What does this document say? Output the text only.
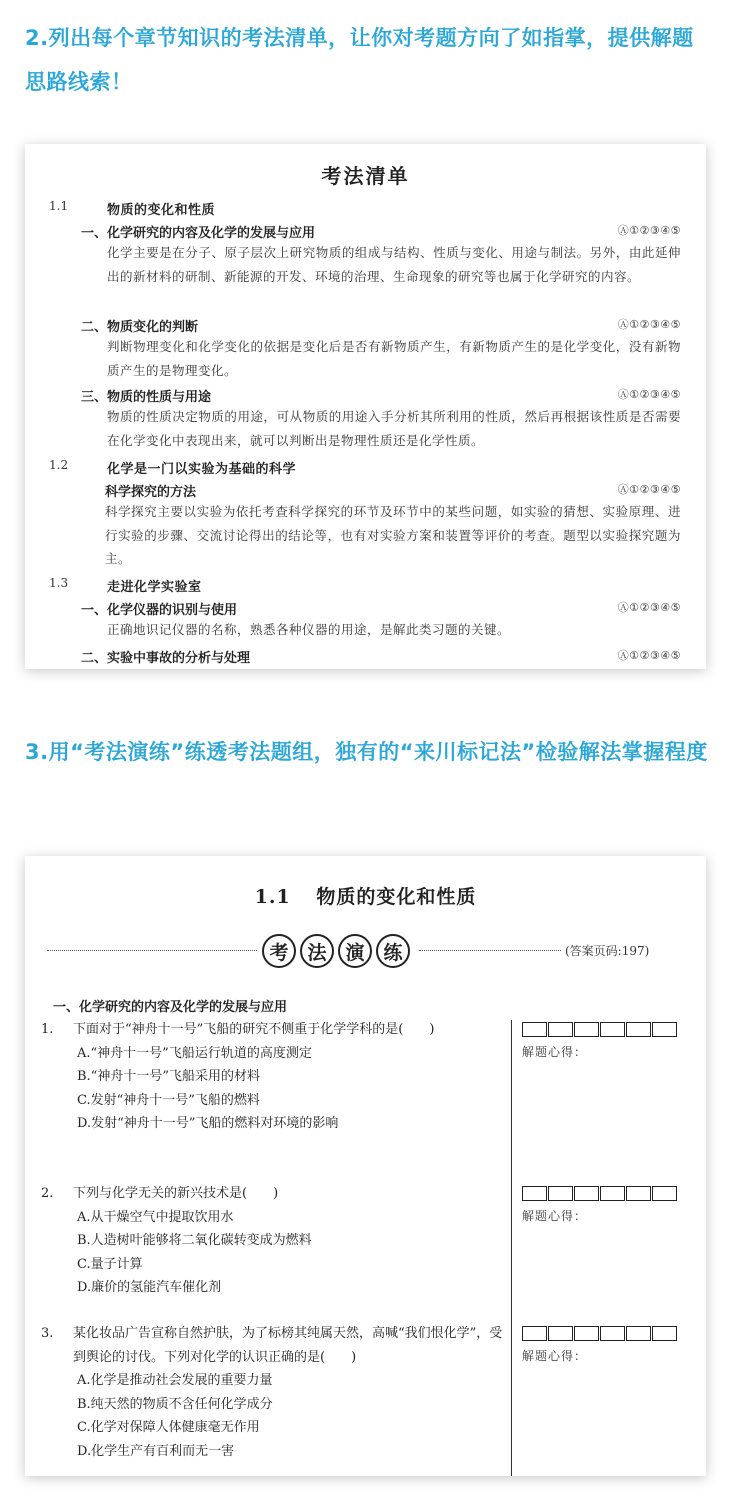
2.列出每个章节知识的考法清单，让你对考题方向了如指掌，提供解题思路线索！
考法清单
1.1	物质的变化和性质
一、化学研究的内容及化学的发展与应用	Ⓐ①②③④⑤
化学主要是在分子、原子层次上研究物质的组成与结构、性质与变化、用途与制法。另外，由此延伸出的新材料的研制、新能源的开发、环境的治理、生命现象的研究等也属于化学研究的内容。
二、物质变化的判断	Ⓐ①②③④⑤
判断物理变化和化学变化的依据是变化后是否有新物质产生，有新物质产生的是化学变化，没有新物质产生的是物理变化。
三、物质的性质与用途	Ⓐ①②③④⑤
物质的性质决定物质的用途，可从物质的用途入手分析其所利用的性质，然后再根据该性质是否需要在化学变化中表现出来，就可以判断出是物理性质还是化学性质。
1.2	化学是一门以实验为基础的科学
科学探究的方法	Ⓐ①②③④⑤
科学探究主要以实验为依托考查科学探究的环节及环节中的某些问题，如实验的猜想、实验原理、进行实验的步骤、交流讨论得出的结论等，也有对实验方案和装置等评价的考查。题型以实验探究题为主。
1.3	走进化学实验室
一、化学仪器的识别与使用	Ⓐ①②③④⑤
正确地识记仪器的名称，熟悉各种仪器的用途，是解此类习题的关键。
二、实验中事故的分析与处理	Ⓐ①②③④⑤
3.用“考法演练”练透考法题组，独有的“来川标记法”检验解法掌握程度
1.1 物质的变化和性质
考 法 演 练	(答案页码:197)
一、化学研究的内容及化学的发展与应用
1. 下面对于“神舟十一号”飞船的研究不侧重于化学学科的是(　　)
A.“神舟十一号”飞船运行轨道的高度测定
B.“神舟十一号”飞船采用的材料
C.发射“神舟十一号”飞船的燃料
D.发射“神舟十一号”飞船的燃料对环境的影响
解题心得：
2. 下列与化学无关的新兴技术是(　　)
A.从干燥空气中提取饮用水
B.人造树叶能够将二氧化碳转变成为燃料
C.量子计算
D.廉价的氢能汽车催化剂
解题心得：
3. 某化妆品广告宣称自然护肤，为了标榜其纯属天然，高喊“我们恨化学”，受到舆论的讨伐。下列对化学的认识正确的是(　　)
A.化学是推动社会发展的重要力量
B.纯天然的物质不含任何化学成分
C.化学对保障人体健康毫无作用
D.化学生产有百利而无一害
解题心得：
